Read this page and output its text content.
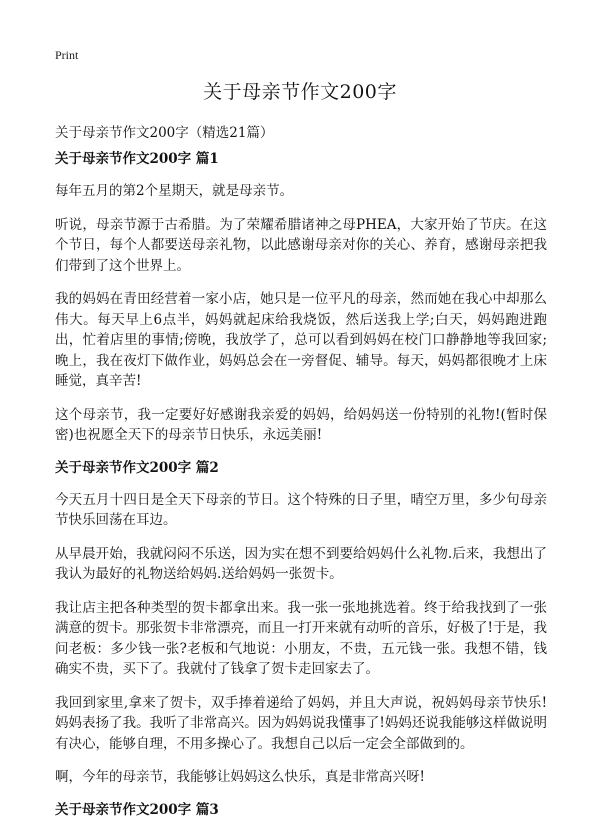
Print
关于母亲节作文200字
关于母亲节作文200字（精选21篇）
关于母亲节作文200字 篇1

每年五月的第2个星期天，就是母亲节。

听说，母亲节源于古希腊。为了荣耀希腊诸神之母PHEA，大家开始了节庆。在这个节日，每个人都要送母亲礼物，以此感谢母亲对你的关心、养育，感谢母亲把我们带到了这个世界上。

我的妈妈在青田经营着一家小店，她只是一位平凡的母亲，然而她在我心中却那么伟大。每天早上6点半，妈妈就起床给我烧饭，然后送我上学;白天，妈妈跑进跑出，忙着店里的事情;傍晚，我放学了，总可以看到妈妈在校门口静静地等我回家;晚上，我在夜灯下做作业，妈妈总会在一旁督促、辅导。每天，妈妈都很晚才上床睡觉，真辛苦!

这个母亲节，我一定要好好感谢我亲爱的妈妈，给妈妈送一份特别的礼物!(暂时保密)也祝愿全天下的母亲节日快乐，永远美丽!

关于母亲节作文200字 篇2

今天五月十四日是全天下母亲的节日。这个特殊的日子里，晴空万里，多少句母亲节快乐回荡在耳边。

从早晨开始，我就闷闷不乐送，因为实在想不到要给妈妈什么礼物.后来，我想出了我认为最好的礼物送给妈妈.送给妈妈一张贺卡。

我让店主把各种类型的贺卡都拿出来。我一张一张地挑选着。终于给我找到了一张满意的贺卡。那张贺卡非常漂亮，而且一打开来就有动听的音乐，好极了!于是，我问老板：多少钱一张?老板和气地说：小朋友，不贵，五元钱一张。我想不错，钱确实不贵，买下了。我就付了钱拿了贺卡走回家去了。

我回到家里,拿来了贺卡，双手捧着递给了妈妈，并且大声说，祝妈妈母亲节快乐!妈妈表扬了我。我听了非常高兴。因为妈妈说我懂事了!妈妈还说我能够这样做说明有决心，能够自理，不用多操心了。我想自己以后一定会全部做到的。

啊，今年的母亲节，我能够让妈妈这么快乐，真是非常高兴呀!

关于母亲节作文200字 篇3
